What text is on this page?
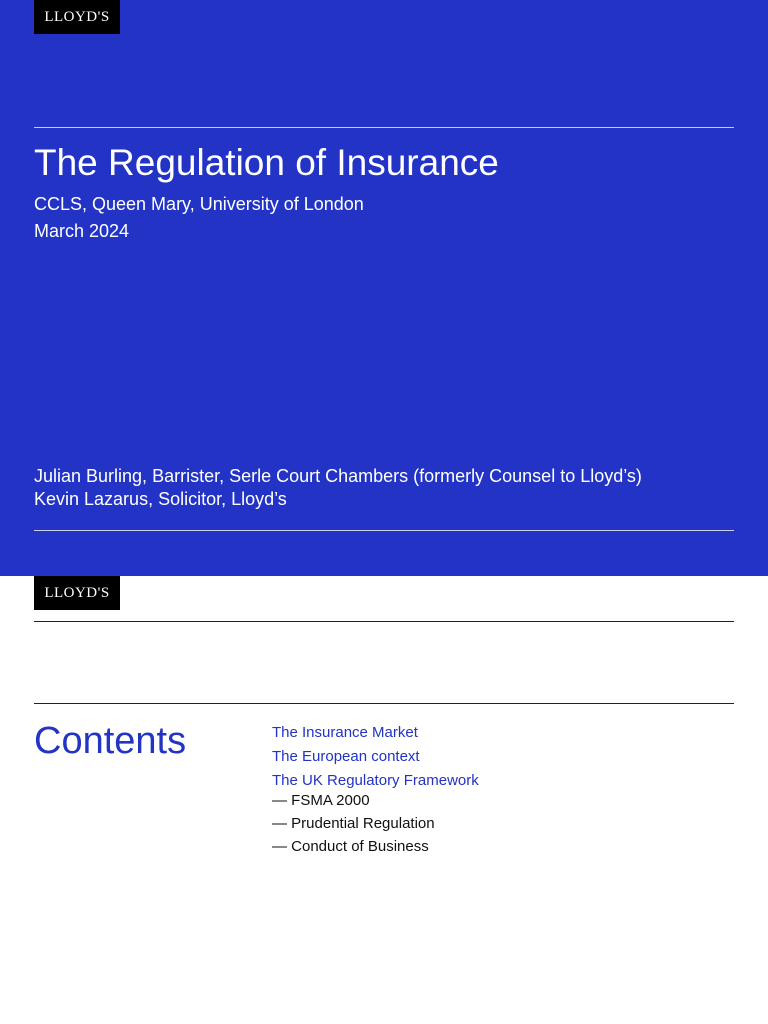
LLOYD'S
The Regulation of Insurance
CCLS, Queen Mary, University of London
March 2024
Julian Burling, Barrister, Serle Court Chambers (formerly Counsel to Lloyd’s)
Kevin Lazarus, Solicitor, Lloyd’s
LLOYD'S
Contents	The Insurance Market
The European context
The UK Regulatory Framework
— FSMA 2000
— Prudential Regulation
— Conduct of Business
